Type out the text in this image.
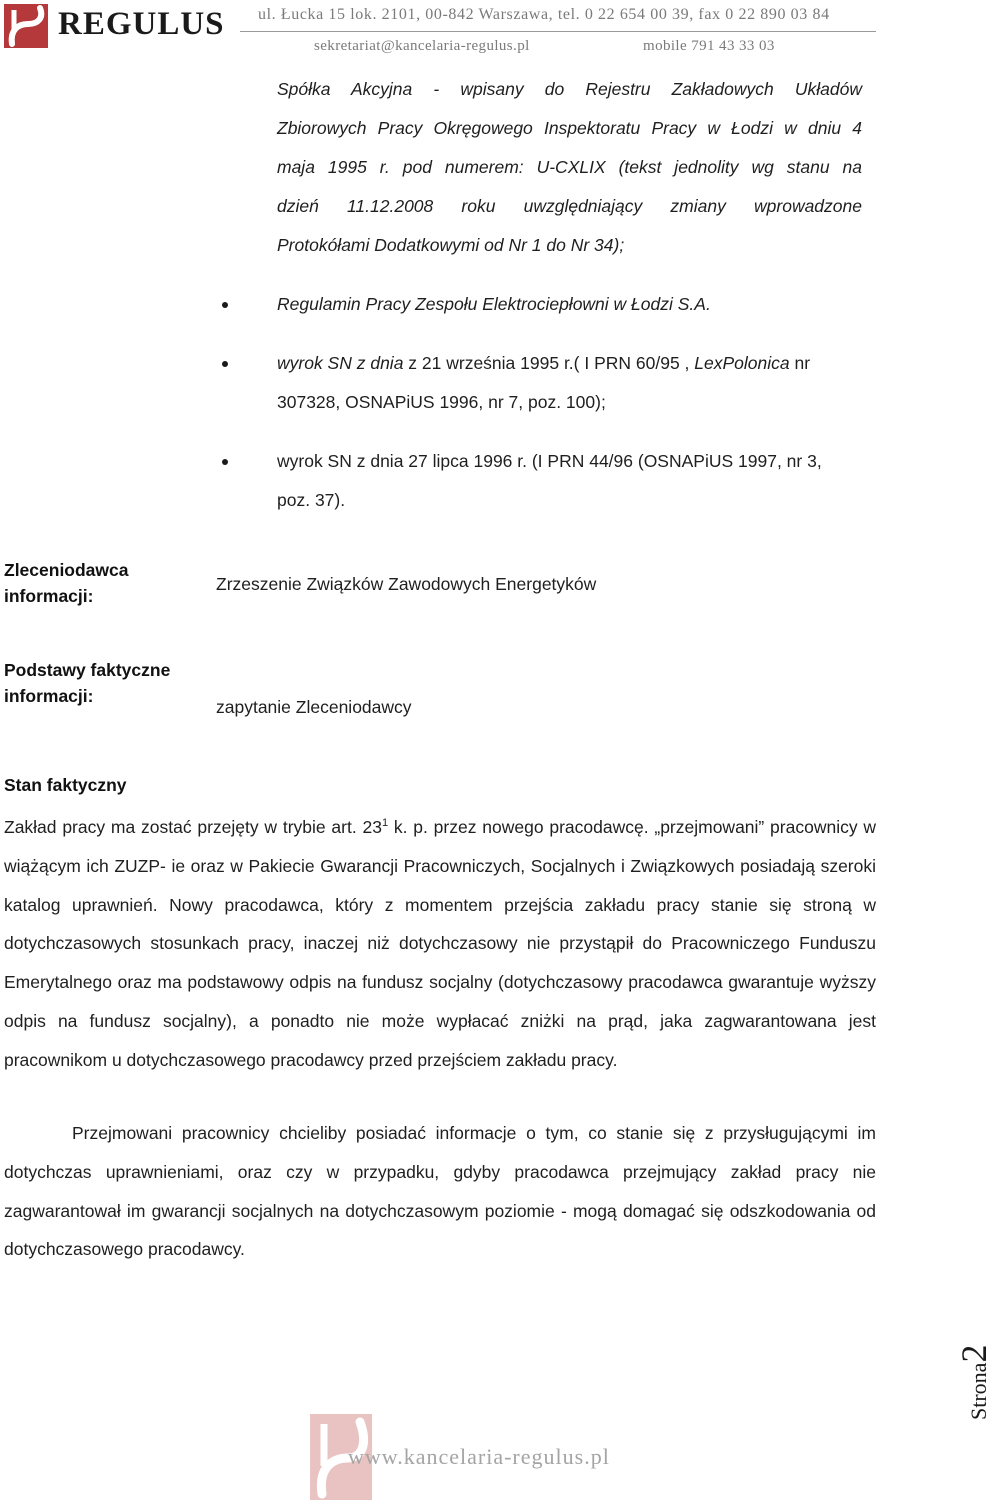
REGULUS ul. Łucka 15 lok. 2101, 00-842 Warszawa, tel. 0 22 654 00 39, fax 0 22 890 03 84
sekretariat@kancelaria-regulus.pl	mobile 791 43 33 03
Spółka Akcyjna - wpisany do Rejestru Zakładowych Układów
Zbiorowych Pracy Okręgowego Inspektoratu Pracy w Łodzi w dniu 4
maja 1995 r. pod numerem: U-CXLIX (tekst jednolity wg stanu na
dzień 11.12.2008 roku uwzględniający zmiany wprowadzone
Protokółami Dodatkowymi od Nr 1 do Nr 34);
Regulamin Pracy Zespołu Elektrociepłowni w Łodzi S.A.
wyrok SN z dnia z 21 września 1995 r.( I PRN 60/95 , LexPolonica nr
307328, OSNAPiUS 1996, nr 7, poz. 100);
wyrok SN z dnia 27 lipca 1996 r. (I PRN 44/96 (OSNAPiUS 1997, nr 3,
poz. 37).
Zleceniodawca
informacji:
Zrzeszenie Związków Zawodowych Energetyków
Podstawy faktyczne
informacji:
zapytanie Zleceniodawcy
Stan faktyczny
Zakład pracy ma zostać przejęty w trybie art. $23^1$ k. p. przez nowego pracodawcę. „przejmowani” pracownicy w wiążącym ich ZUZP- ie oraz w Pakiecie Gwarancji Pracowniczych, Socjalnych i Związkowych posiadają szeroki katalog uprawnień. Nowy pracodawca, który z momentem przejścia zakładu pracy stanie się stroną w dotychczasowych stosunkach pracy, inaczej niż dotychczasowy nie przystąpił do Pracowniczego Funduszu Emerytalnego oraz ma podstawowy odpis na fundusz socjalny (dotychczasowy pracodawca gwarantuje wyższy odpis na fundusz socjalny), a ponadto nie może wypłacać zniżki na prąd, jaka zagwarantowana jest pracownikom u dotychczasowego pracodawcy przed przejściem zakładu pracy.
Przejmowani pracownicy chcieliby posiadać informacje o tym, co stanie się z przysługującymi im dotychczas uprawnieniami, oraz czy w przypadku, gdyby pracodawca przejmujący zakład pracy nie zagwarantował im gwarancji socjalnych na dotychczasowym poziomie - mogą domagać się odszkodowania od dotychczasowego pracodawcy.
Strona2
www.kancelaria-regulus.pl
